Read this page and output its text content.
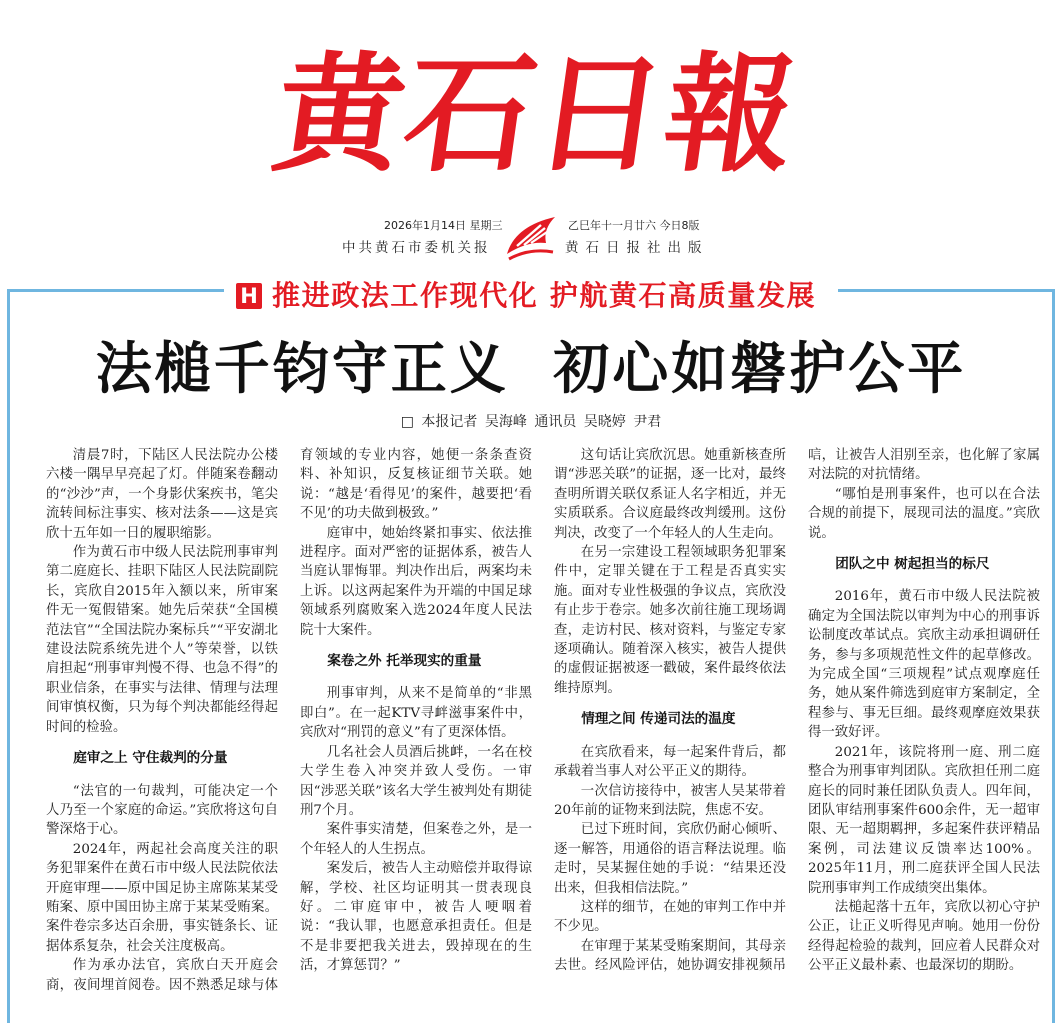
黄石日報
2026年1月14日 星期三	乙巳年十一月廿六 今日8版
中共黄石市委机关报	黄石日报社出版
H 推进政法工作现代化 护航黄石高质量发展
法槌千钧守正义 初心如磐护公平
□ 本报记者 吴海峰 通讯员 吴晓婷 尹君

清晨7时，下陆区人民法院办公楼六楼一隅早早亮起了灯。伴随案卷翻动的“沙沙”声，一个身影伏案疾书，笔尖流转间标注事实、核对法条——这是宾欣十五年如一日的履职缩影。

作为黄石市中级人民法院刑事审判第二庭庭长、挂职下陆区人民法院副院长，宾欣自2015年入额以来，所审案件无一冤假错案。她先后荣获“全国模范法官”“全国法院办案标兵”“平安湖北建设法院系统先进个人”等荣誉，以铁肩担起“刑事审判慢不得、也急不得”的职业信条，在事实与法律、情理与法理间审慎权衡，只为每个判决都能经得起时间的检验。

庭审之上 守住裁判的分量

“法官的一句裁判，可能决定一个人乃至一个家庭的命运。”宾欣将这句自警深烙于心。

2024年，两起社会高度关注的职务犯罪案件在黄石市中级人民法院依法开庭审理——原中国足协主席陈某某受贿案、原中国田协主席于某某受贿案。案件卷宗多达百余册，事实链条长、证据体系复杂，社会关注度极高。

作为承办法官，宾欣白天开庭会商，夜间埋首阅卷。因不熟悉足球与体育领域的专业内容，她便一条条查资料、补知识，反复核证细节关联。她说：“越是‘看得见’的案件，越要把‘看不见’的功夫做到极致。”

庭审中，她始终紧扣事实、依法推进程序。面对严密的证据体系，被告人当庭认罪悔罪。判决作出后，两案均未上诉。以这两起案件为开端的中国足球领域系列腐败案入选2024年度人民法院十大案件。

案卷之外 托举现实的重量

刑事审判，从来不是简单的“非黑即白”。在一起KTV寻衅滋事案件中，宾欣对“刑罚的意义”有了更深体悟。

几名社会人员酒后挑衅，一名在校大学生卷入冲突并致人受伤。一审因“涉恶关联”该名大学生被判处有期徒刑7个月。

案件事实清楚，但案卷之外，是一个年轻人的人生拐点。

案发后，被告人主动赔偿并取得谅解，学校、社区均证明其一贯表现良好。二审庭审中，被告人哽咽着说：“我认罪，也愿意承担责任。但是不是非要把我关进去，毁掉现在的生活，才算惩罚？”

这句话让宾欣沉思。她重新核查所谓“涉恶关联”的证据，逐一比对，最终查明所谓关联仅系证人名字相近，并无实质联系。合议庭最终改判缓刑。这份判决，改变了一个年轻人的人生走向。

在另一宗建设工程领域职务犯罪案件中，定罪关键在于工程是否真实实施。面对专业性极强的争议点，宾欣没有止步于卷宗。她多次前往施工现场调查，走访村民、核对资料，与鉴定专家逐项确认。随着深入核实，被告人提供的虚假证据被逐一戳破，案件最终依法维持原判。

情理之间 传递司法的温度

在宾欣看来，每一起案件背后，都承载着当事人对公平正义的期待。

一次信访接待中，被害人吴某带着20年前的证物来到法院，焦虑不安。

已过下班时间，宾欣仍耐心倾听、逐一解答，用通俗的语言释法说理。临走时，吴某握住她的手说：“结果还没出来，但我相信法院。”

这样的细节，在她的审判工作中并不少见。

在审理于某某受贿案期间，其母亲去世。经风险评估，她协调安排视频吊唁，让被告人泪别至亲，也化解了家属对法院的对抗情绪。

“哪怕是刑事案件，也可以在合法合规的前提下，展现司法的温度。”宾欣说。

团队之中 树起担当的标尺

2016年，黄石市中级人民法院被确定为全国法院以审判为中心的刑事诉讼制度改革试点。宾欣主动承担调研任务，参与多项规范性文件的起草修改。为完成全国“三项规程”试点观摩庭任务，她从案件筛选到庭审方案制定，全程参与、事无巨细。最终观摩庭效果获得一致好评。

2021年，该院将刑一庭、刑二庭整合为刑事审判团队。宾欣担任刑二庭庭长的同时兼任团队负责人。四年间，团队审结刑事案件600余件，无一超审限、无一超期羁押，多起案件获评精品案例，司法建议反馈率达100%。2025年11月，刑二庭获评全国人民法院刑事审判工作成绩突出集体。

法槌起落十五年，宾欣以初心守护公正，让正义听得见声响。她用一份份经得起检验的裁判，回应着人民群众对公平正义最朴素、也最深切的期盼。
